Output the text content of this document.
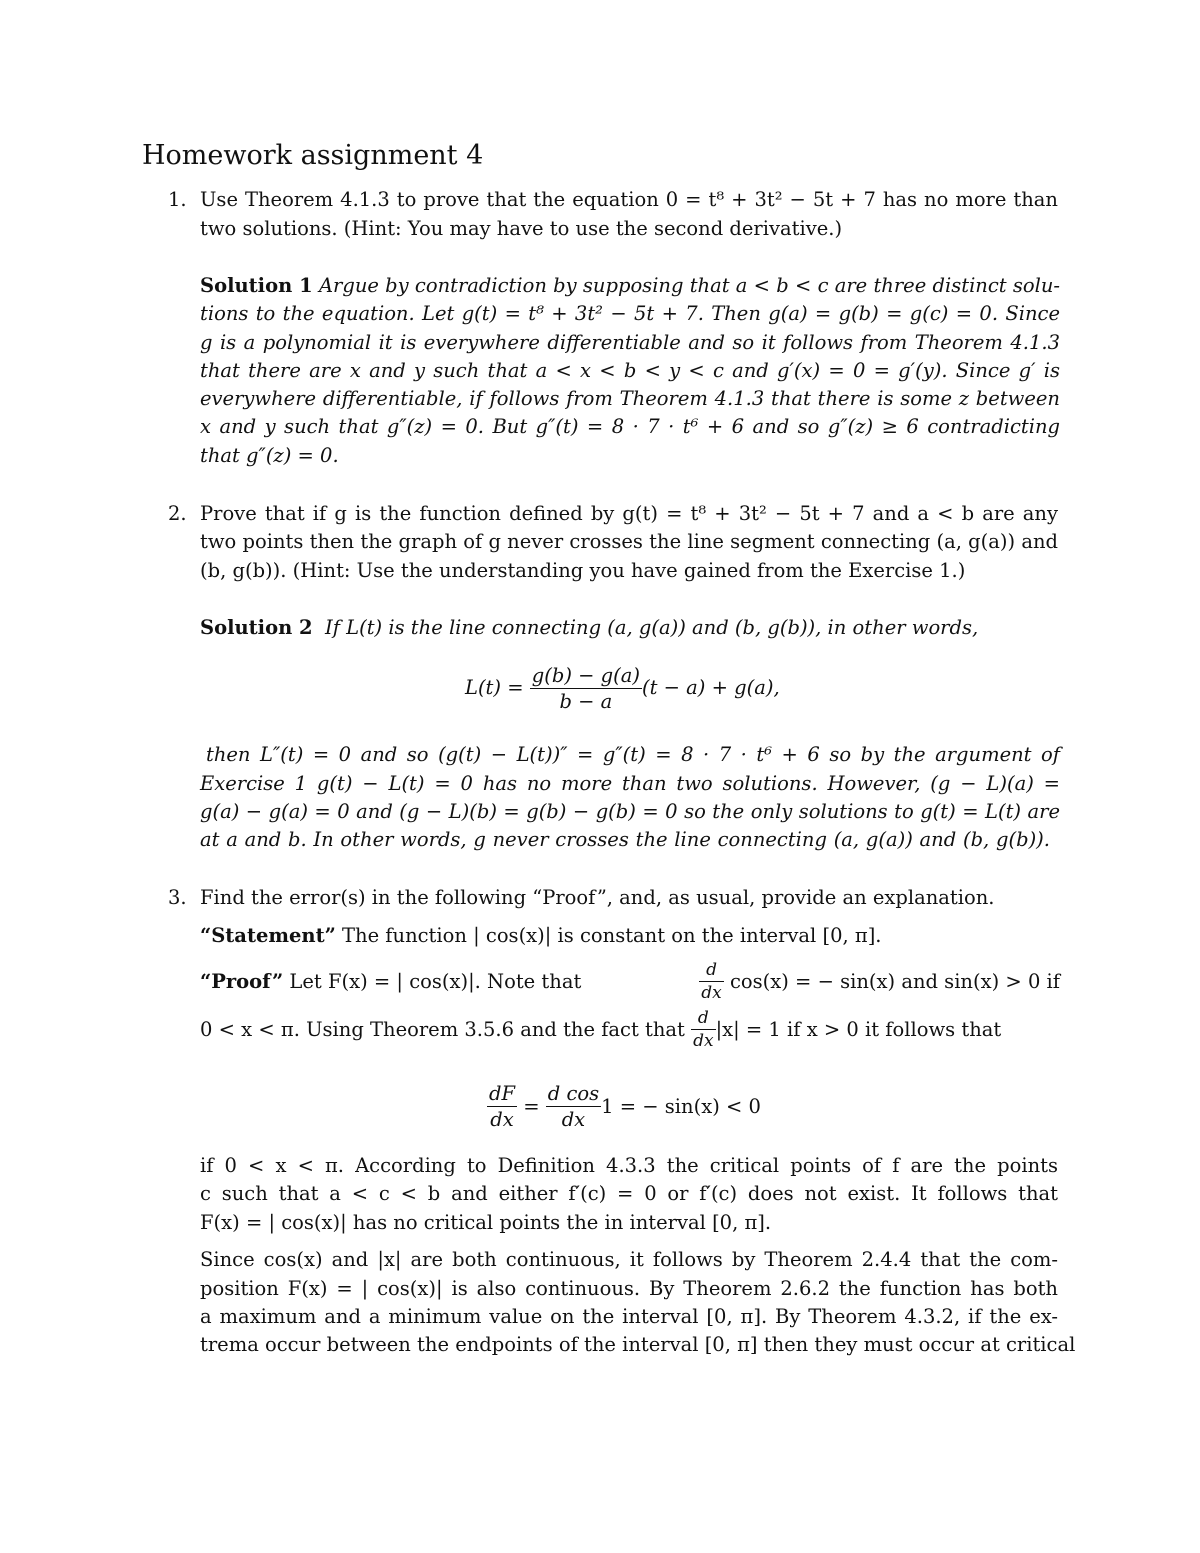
Homework assignment 4
1. Use Theorem 4.1.3 to prove that the equation 0 = t⁸ + 3t² − 5t + 7 has no more than
two solutions. (Hint: You may have to use the second derivative.)
Solution 1 Argue by contradiction by supposing that a < b < c are three distinct solu-
tions to the equation. Let g(t) = t⁸ + 3t² − 5t + 7. Then g(a) = g(b) = g(c) = 0. Since
g is a polynomial it is everywhere differentiable and so it follows from Theorem 4.1.3
that there are x and y such that a < x < b < y < c and g′(x) = 0 = g′(y). Since g′ is
everywhere differentiable, if follows from Theorem 4.1.3 that there is some z between
x and y such that g″(z) = 0. But g″(t) = 8 · 7 · t⁶ + 6 and so g″(z) ≥ 6 contradicting
that g″(z) = 0.
2. Prove that if g is the function defined by g(t) = t⁸ + 3t² − 5t + 7 and a < b are any
two points then the graph of g never crosses the line segment connecting (a, g(a)) and
(b, g(b)). (Hint: Use the understanding you have gained from the Exercise 1.)
Solution 2 If L(t) is the line connecting (a, g(a)) and (b, g(b)), in other words,
$L(t) = \frac{g(b) - g(a)}{b - a} (t - a) + g(a)$,
then L″(t) = 0 and so (g(t) − L(t))″ = g″(t) = 8 · 7 · t⁶ + 6 so by the argument of
Exercise 1 g(t) − L(t) = 0 has no more than two solutions. However, (g − L)(a) =
g(a) − g(a) = 0 and (g − L)(b) = g(b) − g(b) = 0 so the only solutions to g(t) = L(t) are
at a and b. In other words, g never crosses the line connecting (a, g(a)) and (b, g(b)).
3. Find the error(s) in the following “Proof”, and, as usual, provide an explanation.
“Statement” The function | cos(x)| is constant on the interval [0, π].
“Proof” Let F(x) = | cos(x)|. Note that	$\frac{d}{dx}$
cos(x) = − sin(x) and sin(x) > 0 if
0 < x < π. Using Theorem 3.5.6 and the fact that
$\frac{d}{dx} |x| = 1$ if x > 0 it follows that
$\frac{dF}{dx}$
=
$\frac{\text{d cos}}{dx} 1$ = − sin(x) < 0
if 0 < x < π. According to Definition 4.3.3 the critical points of f are the points
c such that a < c < b and either f′(c) = 0 or f′(c) does not exist. It follows that
F(x) = | cos(x)| has no critical points the in interval [0, π].
Since cos(x) and |x| are both continuous, it follows by Theorem 2.4.4 that the com-
position F(x) = | cos(x)| is also continuous. By Theorem 2.6.2 the function has both
a maximum and a minimum value on the interval [0, π]. By Theorem 4.3.2, if the ex-
trema occur between the endpoints of the interval [0, π] then they must occur at critical
